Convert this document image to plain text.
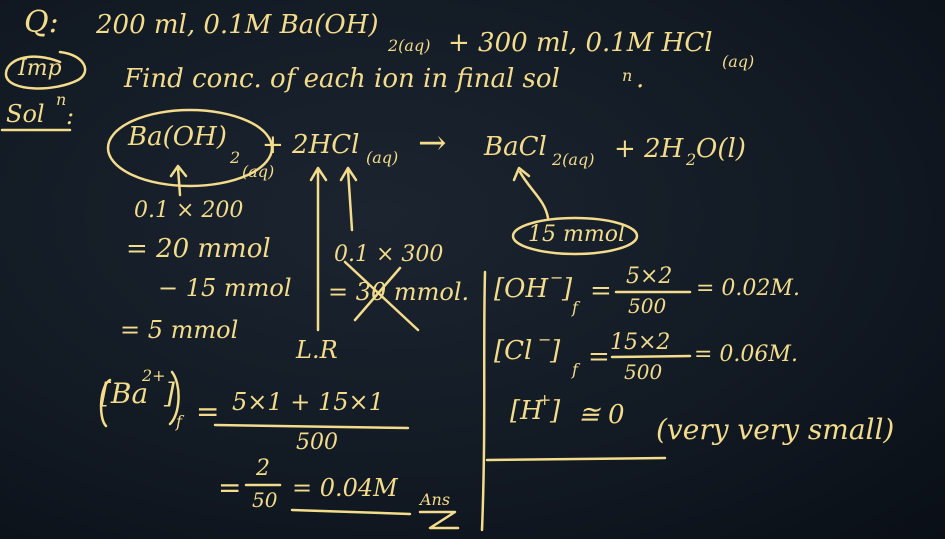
Q: 200 ml, 0.1M Ba(OH)
2(aq) + 300 ml, 0.1M HCl
(aq)
Imp Find conc. of each ion in final sol	n .
Sol
n
:
Ba(OH)
2
(aq)
+ 2HCl (aq) → BaCl 2(aq) + 2H 2 O(l)
0.1 × 200
= 20 mmol
− 15 mmol
= 5 mmol
0.1 × 300
= 30 mmol.
L.R
15 mmol
[OH −
]
f
= 5×2
500
= 0.02M.
[Cl −
]
f = 15×2
500
= 0.06M.
[H
+
] ≅ 0 (very very small)
[Ba
2+
]
f = 5×1 + 15×1
500
=
2
50 = 0.04M Ans
